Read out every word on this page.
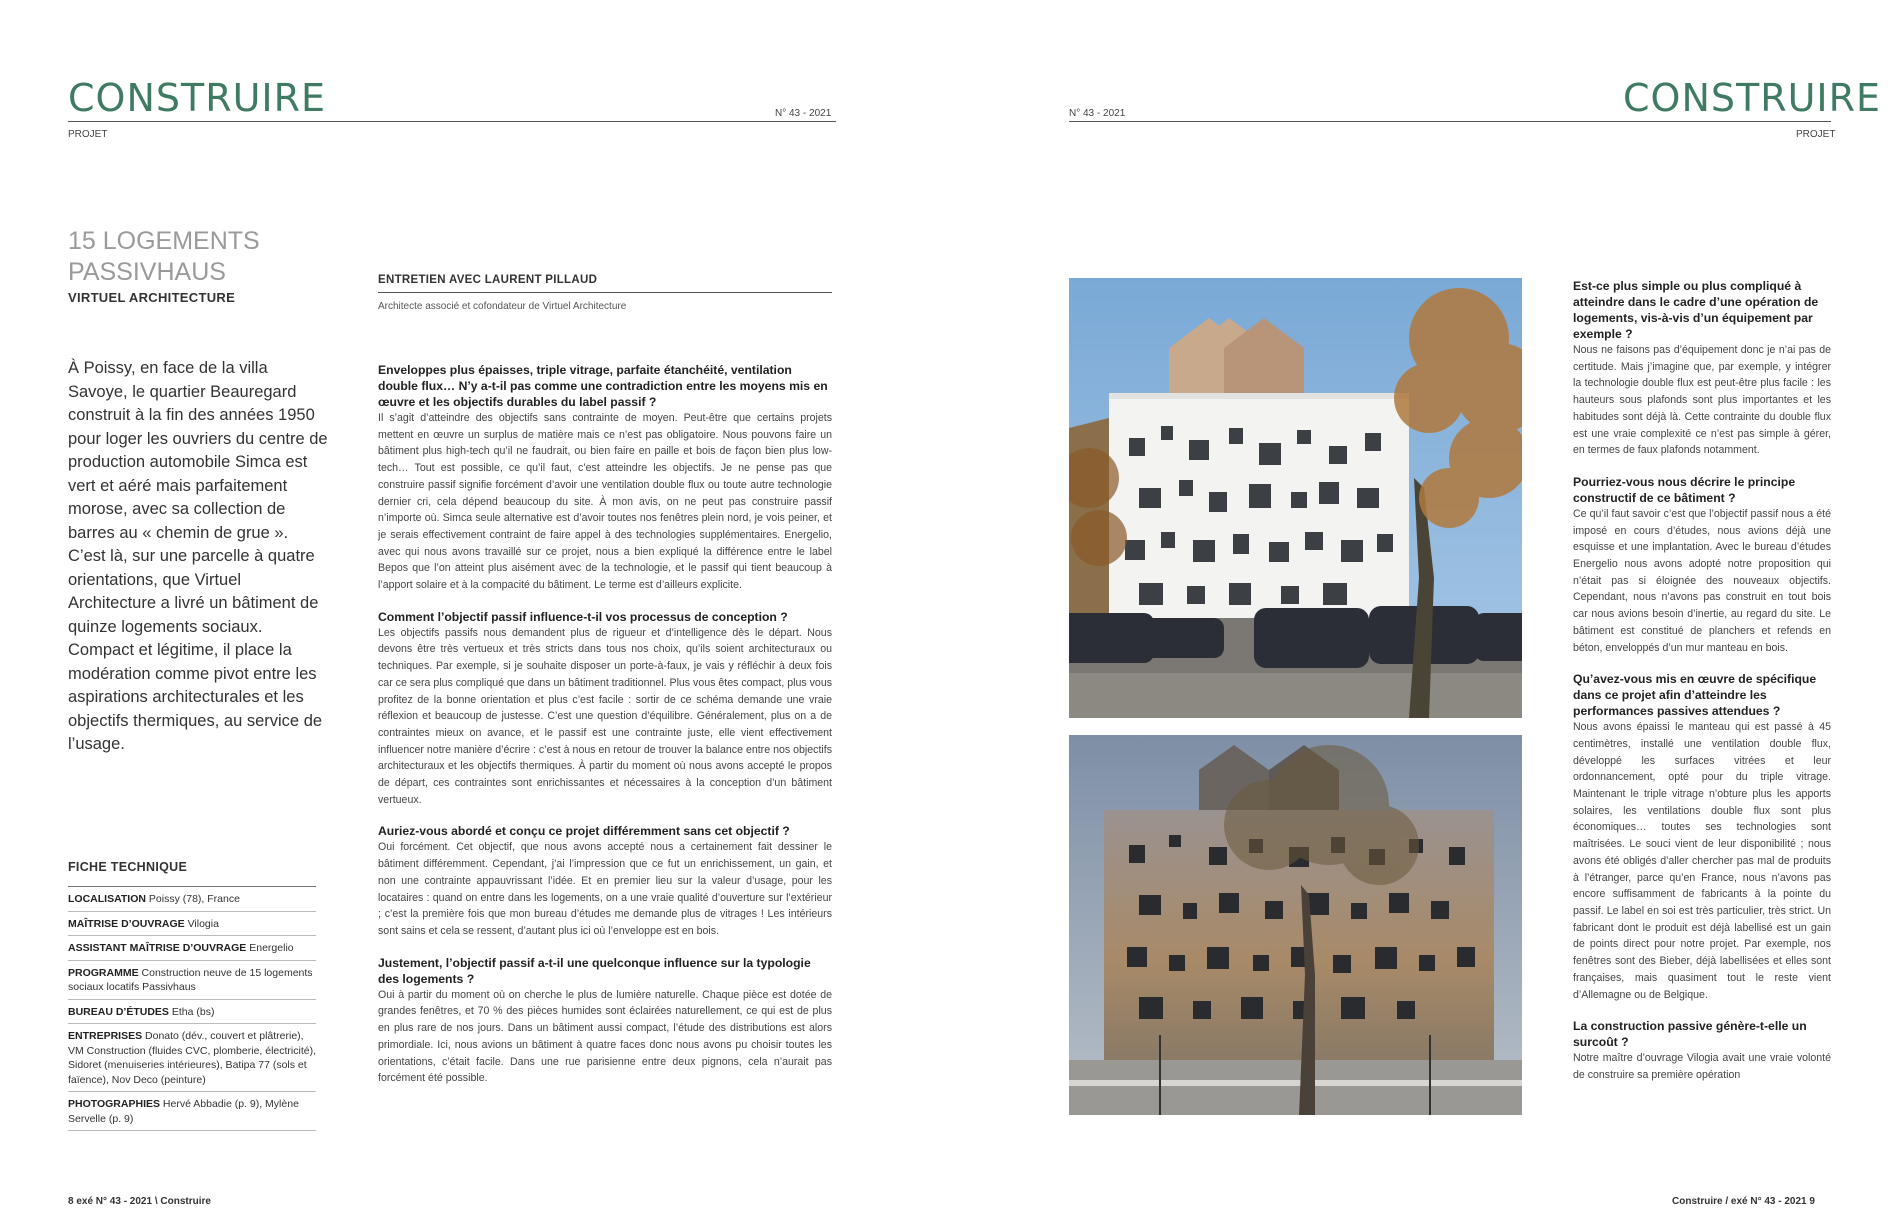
CONSTRUIRE
PROJET
N° 43 - 2021
15 LOGEMENTS
PASSIVHAUS
VIRTUEL ARCHITECTURE
À Poissy, en face de la villa Savoye, le quartier Beauregard construit à la fin des années 1950 pour loger les ouvriers du centre de production automobile Simca est vert et aéré mais parfaitement morose, avec sa collection de barres au « chemin de grue ». C’est là, sur une parcelle à quatre orientations, que Virtuel Architecture a livré un bâtiment de quinze logements sociaux. Compact et légitime, il place la modération comme pivot entre les aspirations architecturales et les objectifs thermiques, au service de l’usage.
FICHE TECHNIQUE
LOCALISATION Poissy (78), France
MAÎTRISE D’OUVRAGE Vilogia
ASSISTANT MAÎTRISE D’OUVRAGE Energelio
PROGRAMME Construction neuve de 15 logements sociaux locatifs Passivhaus
BUREAU D’ÉTUDES Etha (bs)
ENTREPRISES Donato (dév., couvert et plâtrerie), VM Construction (fluides CVC, plomberie, électricité), Sidoret (menuiseries intérieures), Batipa 77 (sols et faïence), Nov Deco (peinture)
PHOTOGRAPHIES Hervé Abbadie (p. 9), Mylène Servelle (p. 9)
ENTRETIEN AVEC LAURENT PILLAUD
Architecte associé et cofondateur de Virtuel Architecture

Enveloppes plus épaisses, triple vitrage, parfaite étanchéité, ventilation double flux… N’y a-t-il pas comme une contradiction entre les moyens mis en œuvre et les objectifs durables du label passif ?

Il s’agit d’atteindre des objectifs sans contrainte de moyen. Peut-être que certains projets mettent en œuvre un surplus de matière mais ce n’est pas obligatoire. Nous pouvons faire un bâtiment plus high-tech qu’il ne faudrait, ou bien faire en paille et bois de façon bien plus low-tech… Tout est possible, ce qu’il faut, c’est atteindre les objectifs. Je ne pense pas que construire passif signifie forcément d’avoir une ventilation double flux ou toute autre technologie dernier cri, cela dépend beaucoup du site. À mon avis, on ne peut pas construire passif n’importe où. Simca seule alternative est d’avoir toutes nos fenêtres plein nord, je vois peiner, et je serais effectivement contraint de faire appel à des technologies supplémentaires. Energelio, avec qui nous avons travaillé sur ce projet, nous a bien expliqué la différence entre le label Bepos que l’on atteint plus aisément avec de la technologie, et le passif qui tient beaucoup à l’apport solaire et à la compacité du bâtiment. Le terme est d’ailleurs explicite.

Comment l’objectif passif influence-t-il vos processus de conception ?

Les objectifs passifs nous demandent plus de rigueur et d’intelligence dès le départ. Nous devons être très vertueux et très stricts dans tous nos choix, qu’ils soient architecturaux ou techniques. Par exemple, si je souhaite disposer un porte-à-faux, je vais y réfléchir à deux fois car ce sera plus compliqué que dans un bâtiment traditionnel. Plus vous êtes compact, plus vous profitez de la bonne orientation et plus c’est facile : sortir de ce schéma demande une vraie réflexion et beaucoup de justesse. C’est une question d’équilibre. Généralement, plus on a de contraintes mieux on avance, et le passif est une contrainte juste, elle vient effectivement influencer notre manière d’écrire : c’est à nous en retour de trouver la balance entre nos objectifs architecturaux et les objectifs thermiques. À partir du moment où nous avons accepté le propos de départ, ces contraintes sont enrichissantes et nécessaires à la conception d’un bâtiment vertueux.

Auriez-vous abordé et conçu ce projet différemment sans cet objectif ?

Oui forcément. Cet objectif, que nous avons accepté nous a certainement fait dessiner le bâtiment différemment. Cependant, j’ai l’impression que ce fut un enrichissement, un gain, et non une contrainte appauvrissant l’idée. Et en premier lieu sur la valeur d’usage, pour les locataires : quand on entre dans les logements, on a une vraie qualité d’ouverture sur l’extérieur ; c’est la première fois que mon bureau d’études me demande plus de vitrages ! Les intérieurs sont sains et cela se ressent, d’autant plus ici où l’enveloppe est en bois.

Justement, l’objectif passif a-t-il une quelconque influence sur la typologie des logements ?

Oui à partir du moment où on cherche le plus de lumière naturelle. Chaque pièce est dotée de grandes fenêtres, et 70 % des pièces humides sont éclairées naturellement, ce qui est de plus en plus rare de nos jours. Dans un bâtiment aussi compact, l’étude des distributions est alors primordiale. Ici, nous avions un bâtiment à quatre faces donc nous avons pu choisir toutes les orientations, c’était facile. Dans une rue parisienne entre deux pignons, cela n’aurait pas forcément été possible.

8 exé N° 43 - 2021 \ Construire
N° 43 - 2021	CONSTRUIRE
PROJET

Est-ce plus simple ou plus compliqué à atteindre dans le cadre d’une opération de logements, vis-à-vis d’un équipement par exemple ?

Nous ne faisons pas d’équipement donc je n’ai pas de certitude. Mais j’imagine que, par exemple, y intégrer la technologie double flux est peut-être plus facile : les hauteurs sous plafonds sont plus importantes et les habitudes sont déjà là. Cette contrainte du double flux est une vraie complexité ce n’est pas simple à gérer, en termes de faux plafonds notamment.

Pourriez-vous nous décrire le principe constructif de ce bâtiment ?

Ce qu’il faut savoir c’est que l’objectif passif nous a été imposé en cours d’études, nous avions déjà une esquisse et une implantation. Avec le bureau d’études Energelio nous avons adopté notre proposition qui n’était pas si éloignée des nouveaux objectifs. Cependant, nous n’avons pas construit en tout bois car nous avions besoin d’inertie, au regard du site. Le bâtiment est constitué de planchers et refends en béton, enveloppés d’un mur manteau en bois.

Qu’avez-vous mis en œuvre de spécifique dans ce projet afin d’atteindre les performances passives attendues ?

Nous avons épaissi le manteau qui est passé à 45 centimètres, installé une ventilation double flux, développé les surfaces vitrées et leur ordonnancement, opté pour du triple vitrage. Maintenant le triple vitrage n’obture plus les apports solaires, les ventilations double flux sont plus économiques… toutes ses technologies sont maîtrisées. Le souci vient de leur disponibilité ; nous avons été obligés d’aller chercher pas mal de produits à l’étranger, parce qu’en France, nous n’avons pas encore suffisamment de fabricants à la pointe du passif. Le label en soi est très particulier, très strict. Un fabricant dont le produit est déjà labellisé est un gain de points direct pour notre projet. Par exemple, nos fenêtres sont des Bieber, déjà labellisées et elles sont françaises, mais quasiment tout le reste vient d’Allemagne ou de Belgique.

La construction passive génère-t-elle un surcoût ?

Notre maître d’ouvrage Vilogia avait une vraie volonté de construire sa première opération

Construire / exé N° 43 - 2021 9
